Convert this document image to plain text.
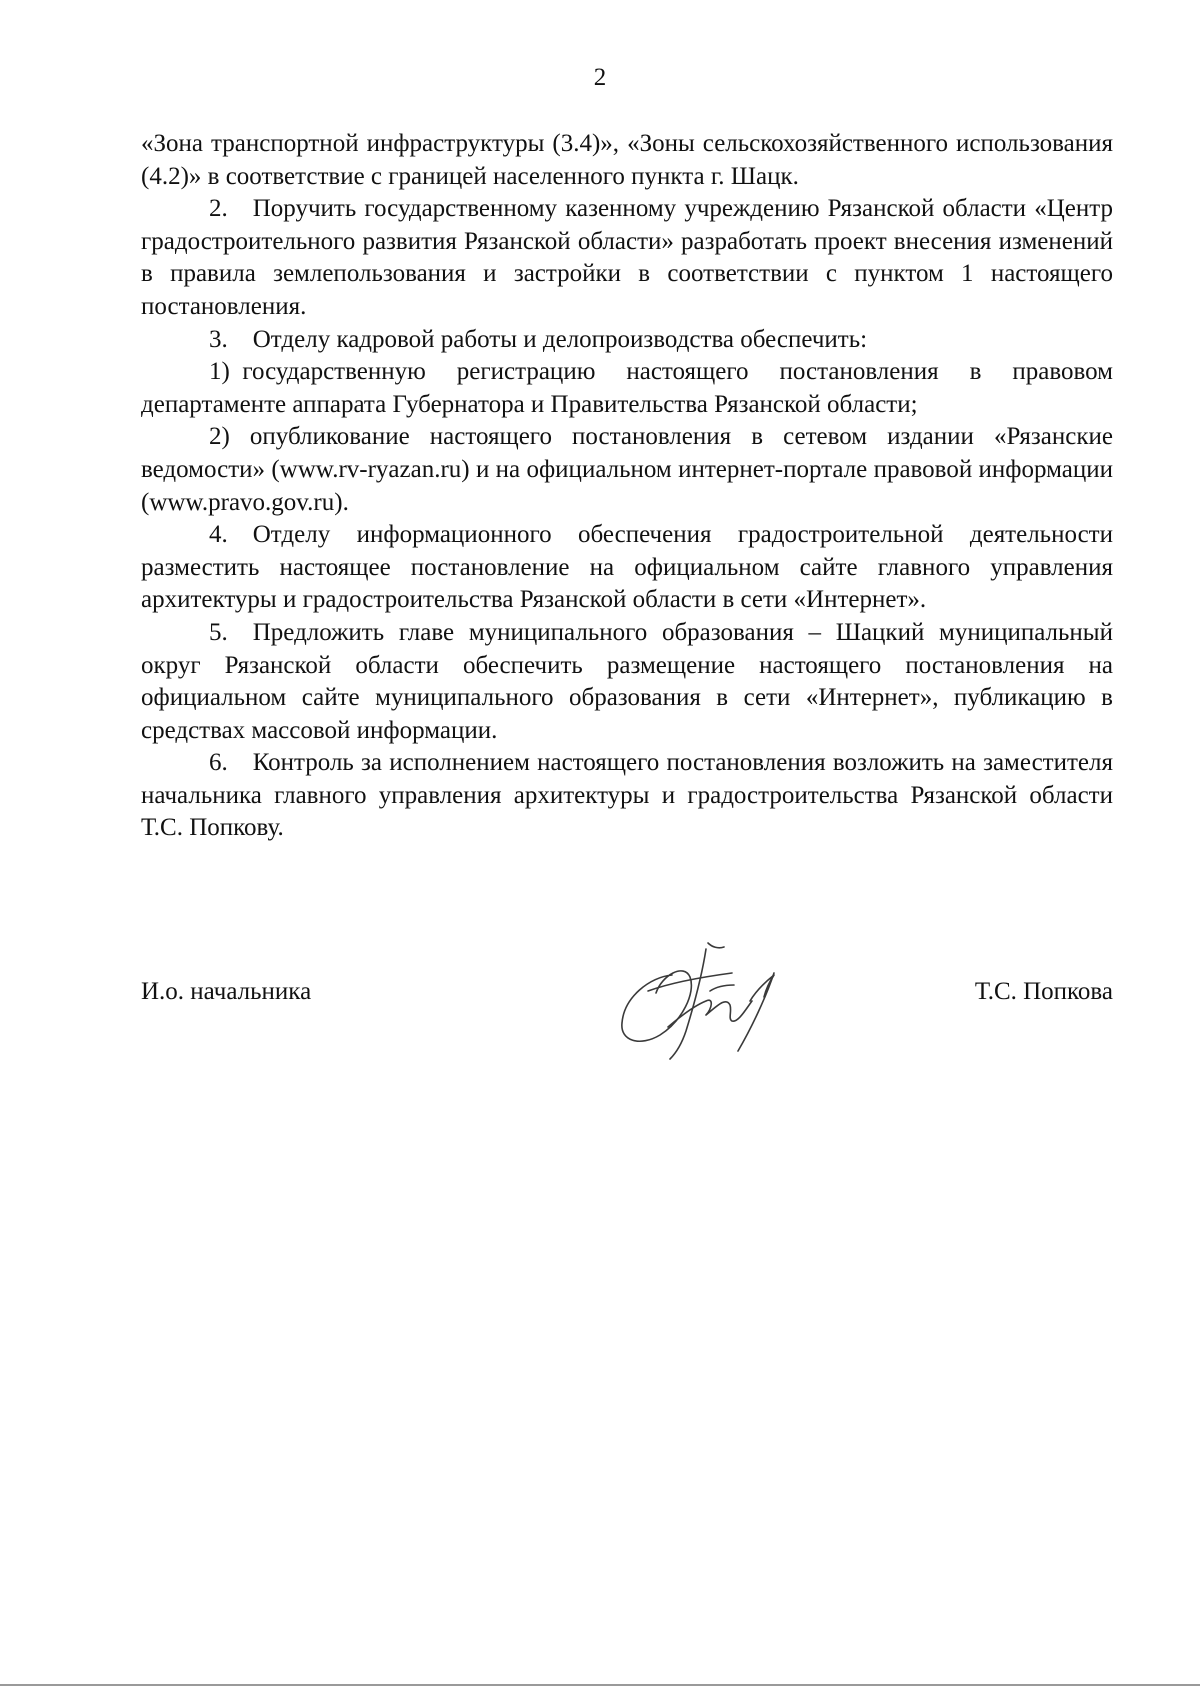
2

«Зона транспортной инфраструктуры (3.4)», «Зоны сельскохозяйственного использования (4.2)» в соответствие с границей населенного пункта г. Шацк.

2. Поручить государственному казенному учреждению Рязанской области «Центр градостроительного развития Рязанской области» разработать проект внесения изменений в правила землепользования и застройки в соответствии с пунктом 1 настоящего постановления.

3. Отделу кадровой работы и делопроизводства обеспечить:

1) государственную регистрацию настоящего постановления в правовом департаменте аппарата Губернатора и Правительства Рязанской области;

2) опубликование настоящего постановления в сетевом издании «Рязанские ведомости» (www.rv-ryazan.ru) и на официальном интернет-портале правовой информации (www.pravo.gov.ru).

4. Отделу информационного обеспечения градостроительной деятельности разместить настоящее постановление на официальном сайте главного управления архитектуры и градостроительства Рязанской области в сети «Интернет».

5. Предложить главе муниципального образования – Шацкий муниципальный округ Рязанской области обеспечить размещение настоящего постановления на официальном сайте муниципального образования в сети «Интернет», публикацию в средствах массовой информации.

6. Контроль за исполнением настоящего постановления возложить на заместителя начальника главного управления архитектуры и градостроительства Рязанской области Т.С. Попкову.

И.о. начальника	Т.С. Попкова
